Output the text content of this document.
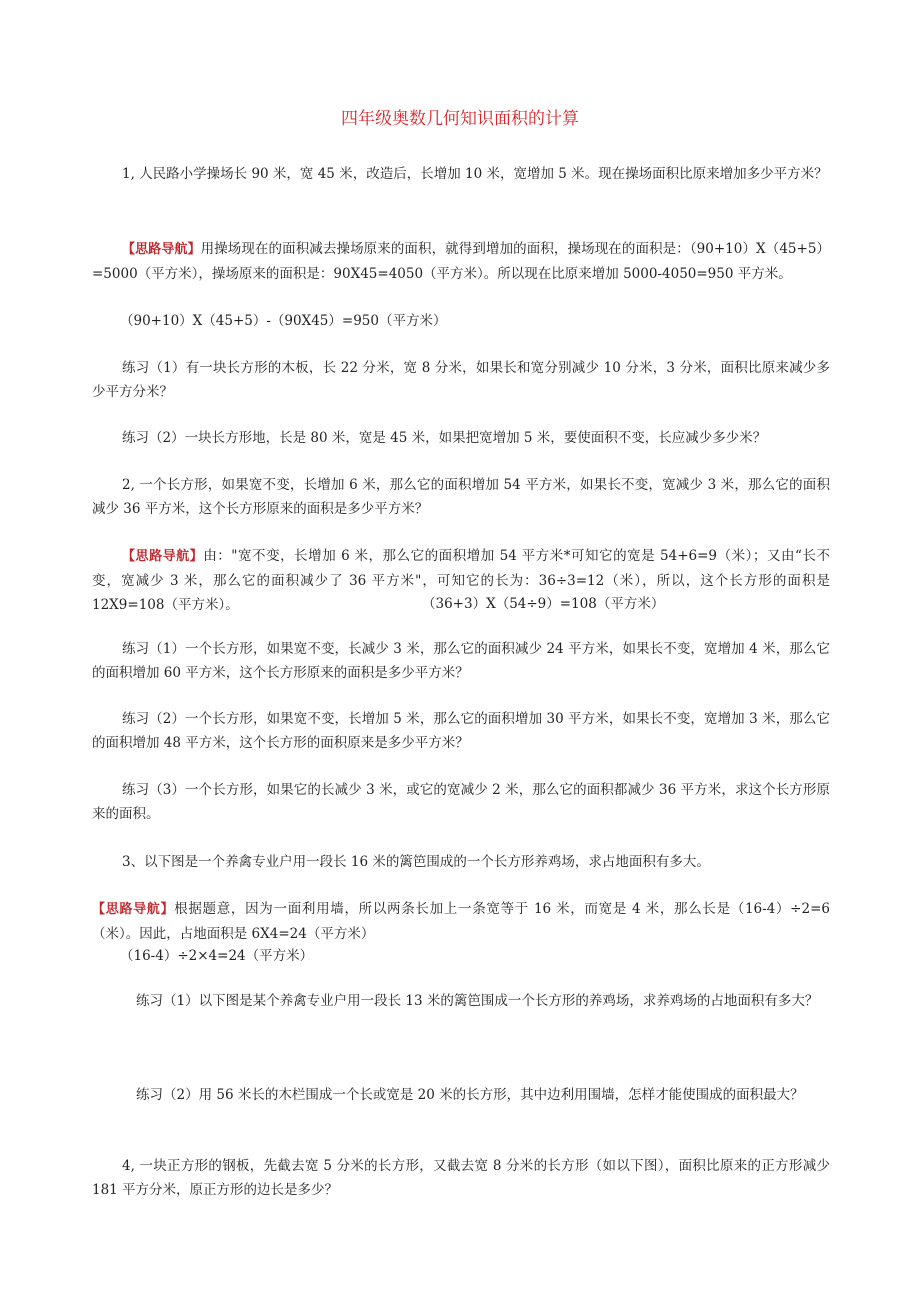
四年级奥数几何知识面积的计算

1, 人民路小学操场长 90 米，宽 45 米，改造后，长增加 10 米，宽增加 5 米。现在操场面积比原来增加多少平方米？

【思路导航】用操场现在的面积减去操场原来的面积，就得到增加的面积，操场现在的面积是：（90+10）X（45+5）=5000（平方米），操场原来的面积是：90X45=4050（平方米）。所以现在比原来增加 5000-4050=950 平方米。

（90+10）X（45+5）-（90X45）=950（平方米）

练习（1）有一块长方形的木板，长 22 分米，宽 8 分米，如果长和宽分别减少 10 分米，3 分米，面积比原来减少多少平方分米？

练习（2）一块长方形地，长是 80 米，宽是 45 米，如果把宽增加 5 米，要使面积不变，长应减少多少米？

2, 一个长方形，如果宽不变，长增加 6 米，那么它的面积增加 54 平方米，如果长不变，宽减少 3 米，那么它的面积减少 36 平方米，这个长方形原来的面积是多少平方米？

【思路导航】由："宽不变，长增加 6 米，那么它的面积增加 54 平方米*可知它的宽是 54+6=9（米）；又由“长不变，宽减少 3 米，那么它的面积减少了 36 平方米"，可知它的长为：36÷3=12（米），所以，这个长方形的面积是 12X9=108（平方米）。	（36+3）X（54÷9）=108（平方米）

练习（1）一个长方形，如果宽不变，长减少 3 米，那么它的面积减少 24 平方米，如果长不变，宽增加 4 米，那么它的面积增加 60 平方米，这个长方形原来的面积是多少平方米？

练习（2）一个长方形，如果宽不变，长增加 5 米，那么它的面积增加 30 平方米，如果长不变，宽增加 3 米，那么它的面积增加 48 平方米，这个长方形的面积原来是多少平方米？

练习（3）一个长方形，如果它的长减少 3 米，或它的宽减少 2 米，那么它的面积都减少 36 平方米，求这个长方形原来的面积。

3、以下图是一个养禽专业户用一段长 16 米的篱笆围成的一个长方形养鸡场，求占地面积有多大。

【思路导航】根据题意，因为一面利用墙，所以两条长加上一条宽等于 16 米，而宽是 4 米，那么长是（16-4）÷2=6（米）。因此，占地面积是 6X4=24（平方米）

（16-4）÷2×4=24（平方米）

练习（1）以下图是某个养禽专业户用一段长 13 米的篱笆围成一个长方形的养鸡场，求养鸡场的占地面积有多大？

练习（2）用 56 米长的木栏围成一个长或宽是 20 米的长方形，其中边利用围墙，怎样才能使围成的面积最大？

4, 一块正方形的钢板，先截去宽 5 分米的长方形，又截去宽 8 分米的长方形（如以下图），面积比原来的正方形减少 181 平方分米，原正方形的边长是多少？
